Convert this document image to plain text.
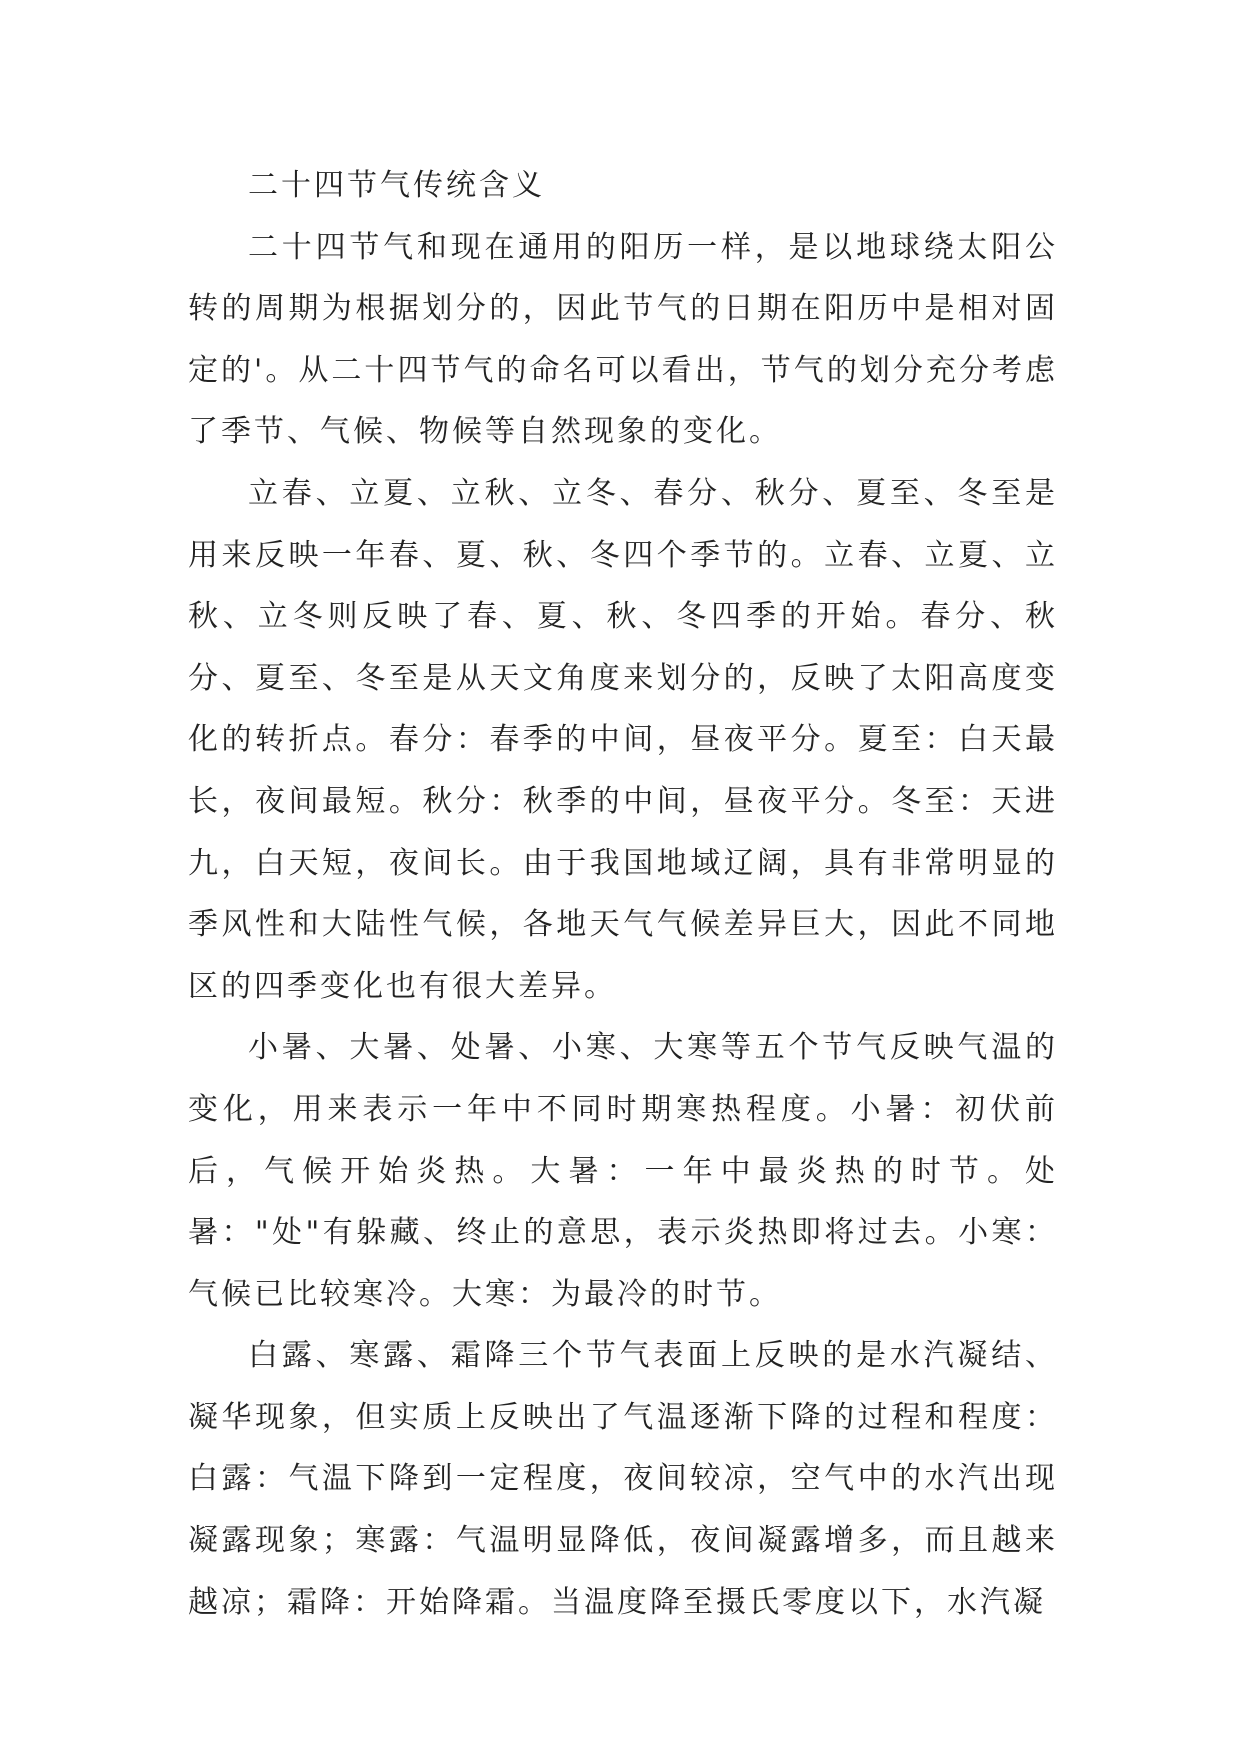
二十四节气传统含义

二十四节气和现在通用的阳历一样，是以地球绕太阳公转的周期为根据划分的，因此节气的日期在阳历中是相对固定的'。从二十四节气的命名可以看出，节气的划分充分考虑了季节、气候、物候等自然现象的变化。

立春、立夏、立秋、立冬、春分、秋分、夏至、冬至是用来反映一年春、夏、秋、冬四个季节的。立春、立夏、立秋、立冬则反映了春、夏、秋、冬四季的开始。春分、秋分、夏至、冬至是从天文角度来划分的，反映了太阳高度变化的转折点。春分：春季的中间，昼夜平分。夏至：白天最长，夜间最短。秋分：秋季的中间，昼夜平分。冬至：天进九，白天短，夜间长。由于我国地域辽阔，具有非常明显的季风性和大陆性气候，各地天气气候差异巨大，因此不同地区的四季变化也有很大差异。

小暑、大暑、处暑、小寒、大寒等五个节气反映气温的变化，用来表示一年中不同时期寒热程度。小暑：初伏前后，气候开始炎热。大暑：一年中最炎热的时节。处暑："处"有躲藏、终止的意思，表示炎热即将过去。小寒：气候已比较寒冷。大寒：为最冷的时节。

白露、寒露、霜降三个节气表面上反映的是水汽凝结、凝华现象，但实质上反映出了气温逐渐下降的过程和程度：白露：气温下降到一定程度，夜间较凉，空气中的水汽出现凝露现象；寒露：气温明显降低，夜间凝露增多，而且越来越凉；霜降：开始降霜。当温度降至摄氏零度以下，水汽凝
